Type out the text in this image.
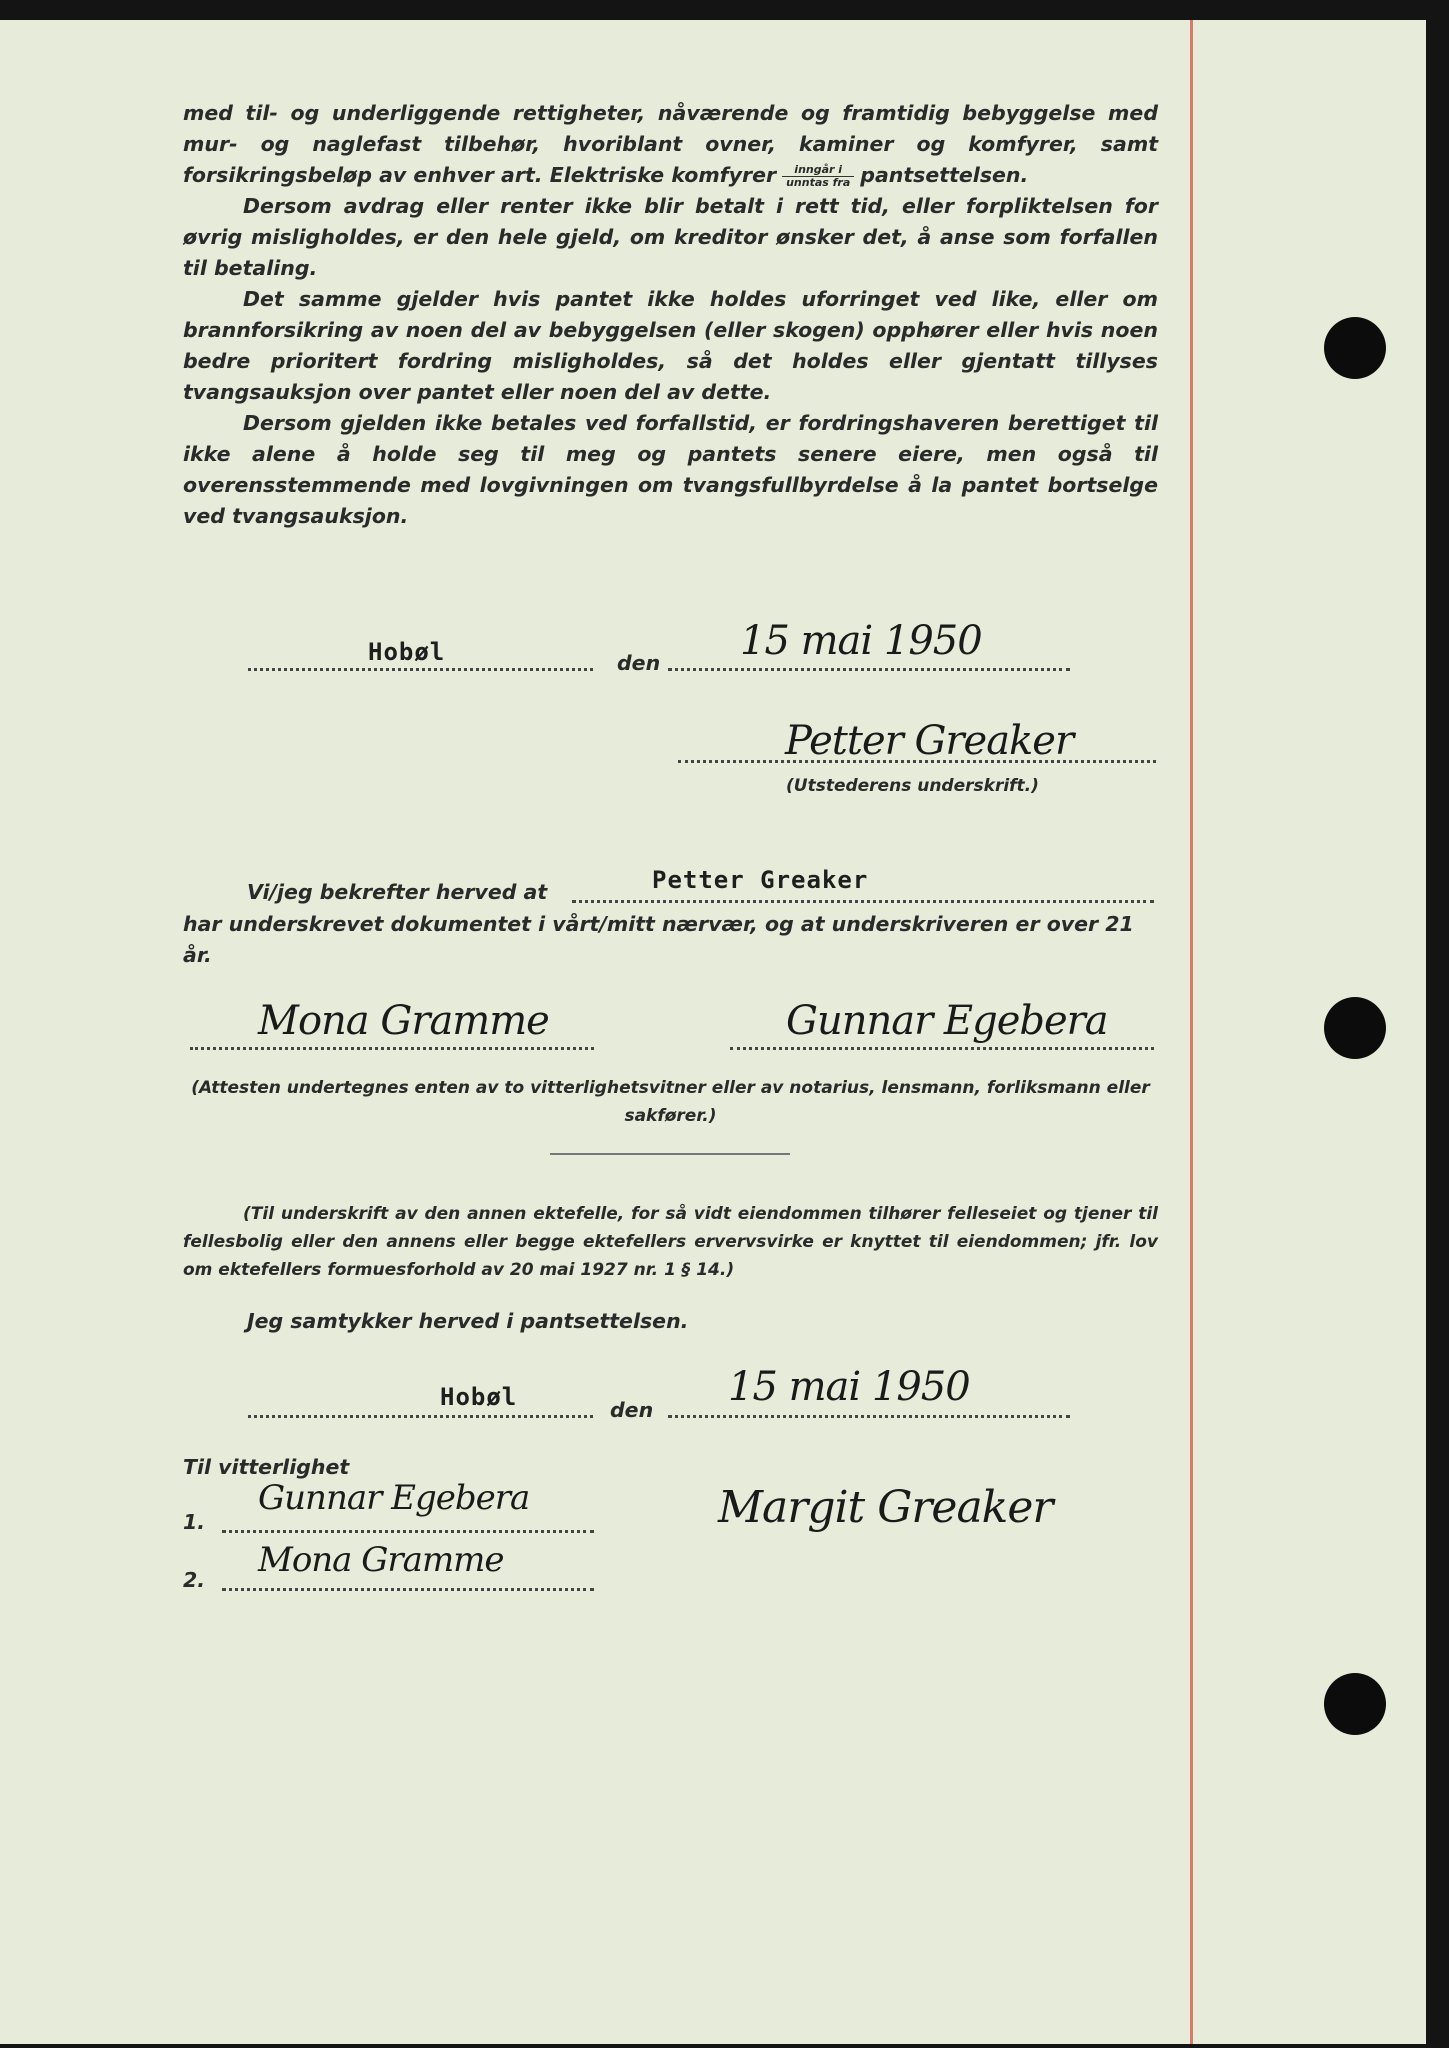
med til- og underliggende rettigheter, nåværende og framtidig bebyggelse med mur- og naglefast tilbehør, hvoriblant ovner, kaminer og komfyrer, samt forsikringsbeløp av enhver art. Elektriske komfyrer $\frac{\text{inngår i}}{\text{unntas fra}}$ pantsettelsen.

Dersom avdrag eller renter ikke blir betalt i rett tid, eller forpliktelsen for øvrig misligholdes, er den hele gjeld, om kreditor ønsker det, å anse som forfallen til betaling.

Det samme gjelder hvis pantet ikke holdes uforringet ved like, eller om brannforsikring av noen del av bebyggelsen (eller skogen) opphører eller hvis noen bedre prioritert fordring misligholdes, så det holdes eller gjentatt tillyses tvangsauksjon over pantet eller noen del av dette.

Dersom gjelden ikke betales ved forfallstid, er fordringshaveren berettiget til ikke alene å holde seg til meg og pantets senere eiere, men også til overensstemmende med lovgivningen om tvangsfullbyrdelse å la pantet bortselge ved tvangsauksjon.

Hobøl	den 15 mai 1950
Petter Greaker
(Utstederens underskrift.)
Vi/jeg bekrefter herved at	Petter Greaker
har underskrevet dokumentet i vårt/mitt nærvær, og at underskriveren er over 21 år.
Mona Gramme	Gunnar Egebera
(Attesten undertegnes enten av to vitterlighetsvitner eller av notarius, lensmann, forliksmann eller sakfører.)
(Til underskrift av den annen ektefelle, for så vidt eiendommen tilhører felleseiet og tjener til fellesbolig eller den annens eller begge ektefellers ervervsvirke er knyttet til eiendommen; jfr. lov om ektefellers formuesforhold av 20 mai 1927 nr. 1 § 14.)
Jeg samtykker herved i pantsettelsen.
Hobøl	den 15 mai 1950
Til vitterlighet
1.
Gunnar Egebera
2. Mona Gramme
Margit Greaker
